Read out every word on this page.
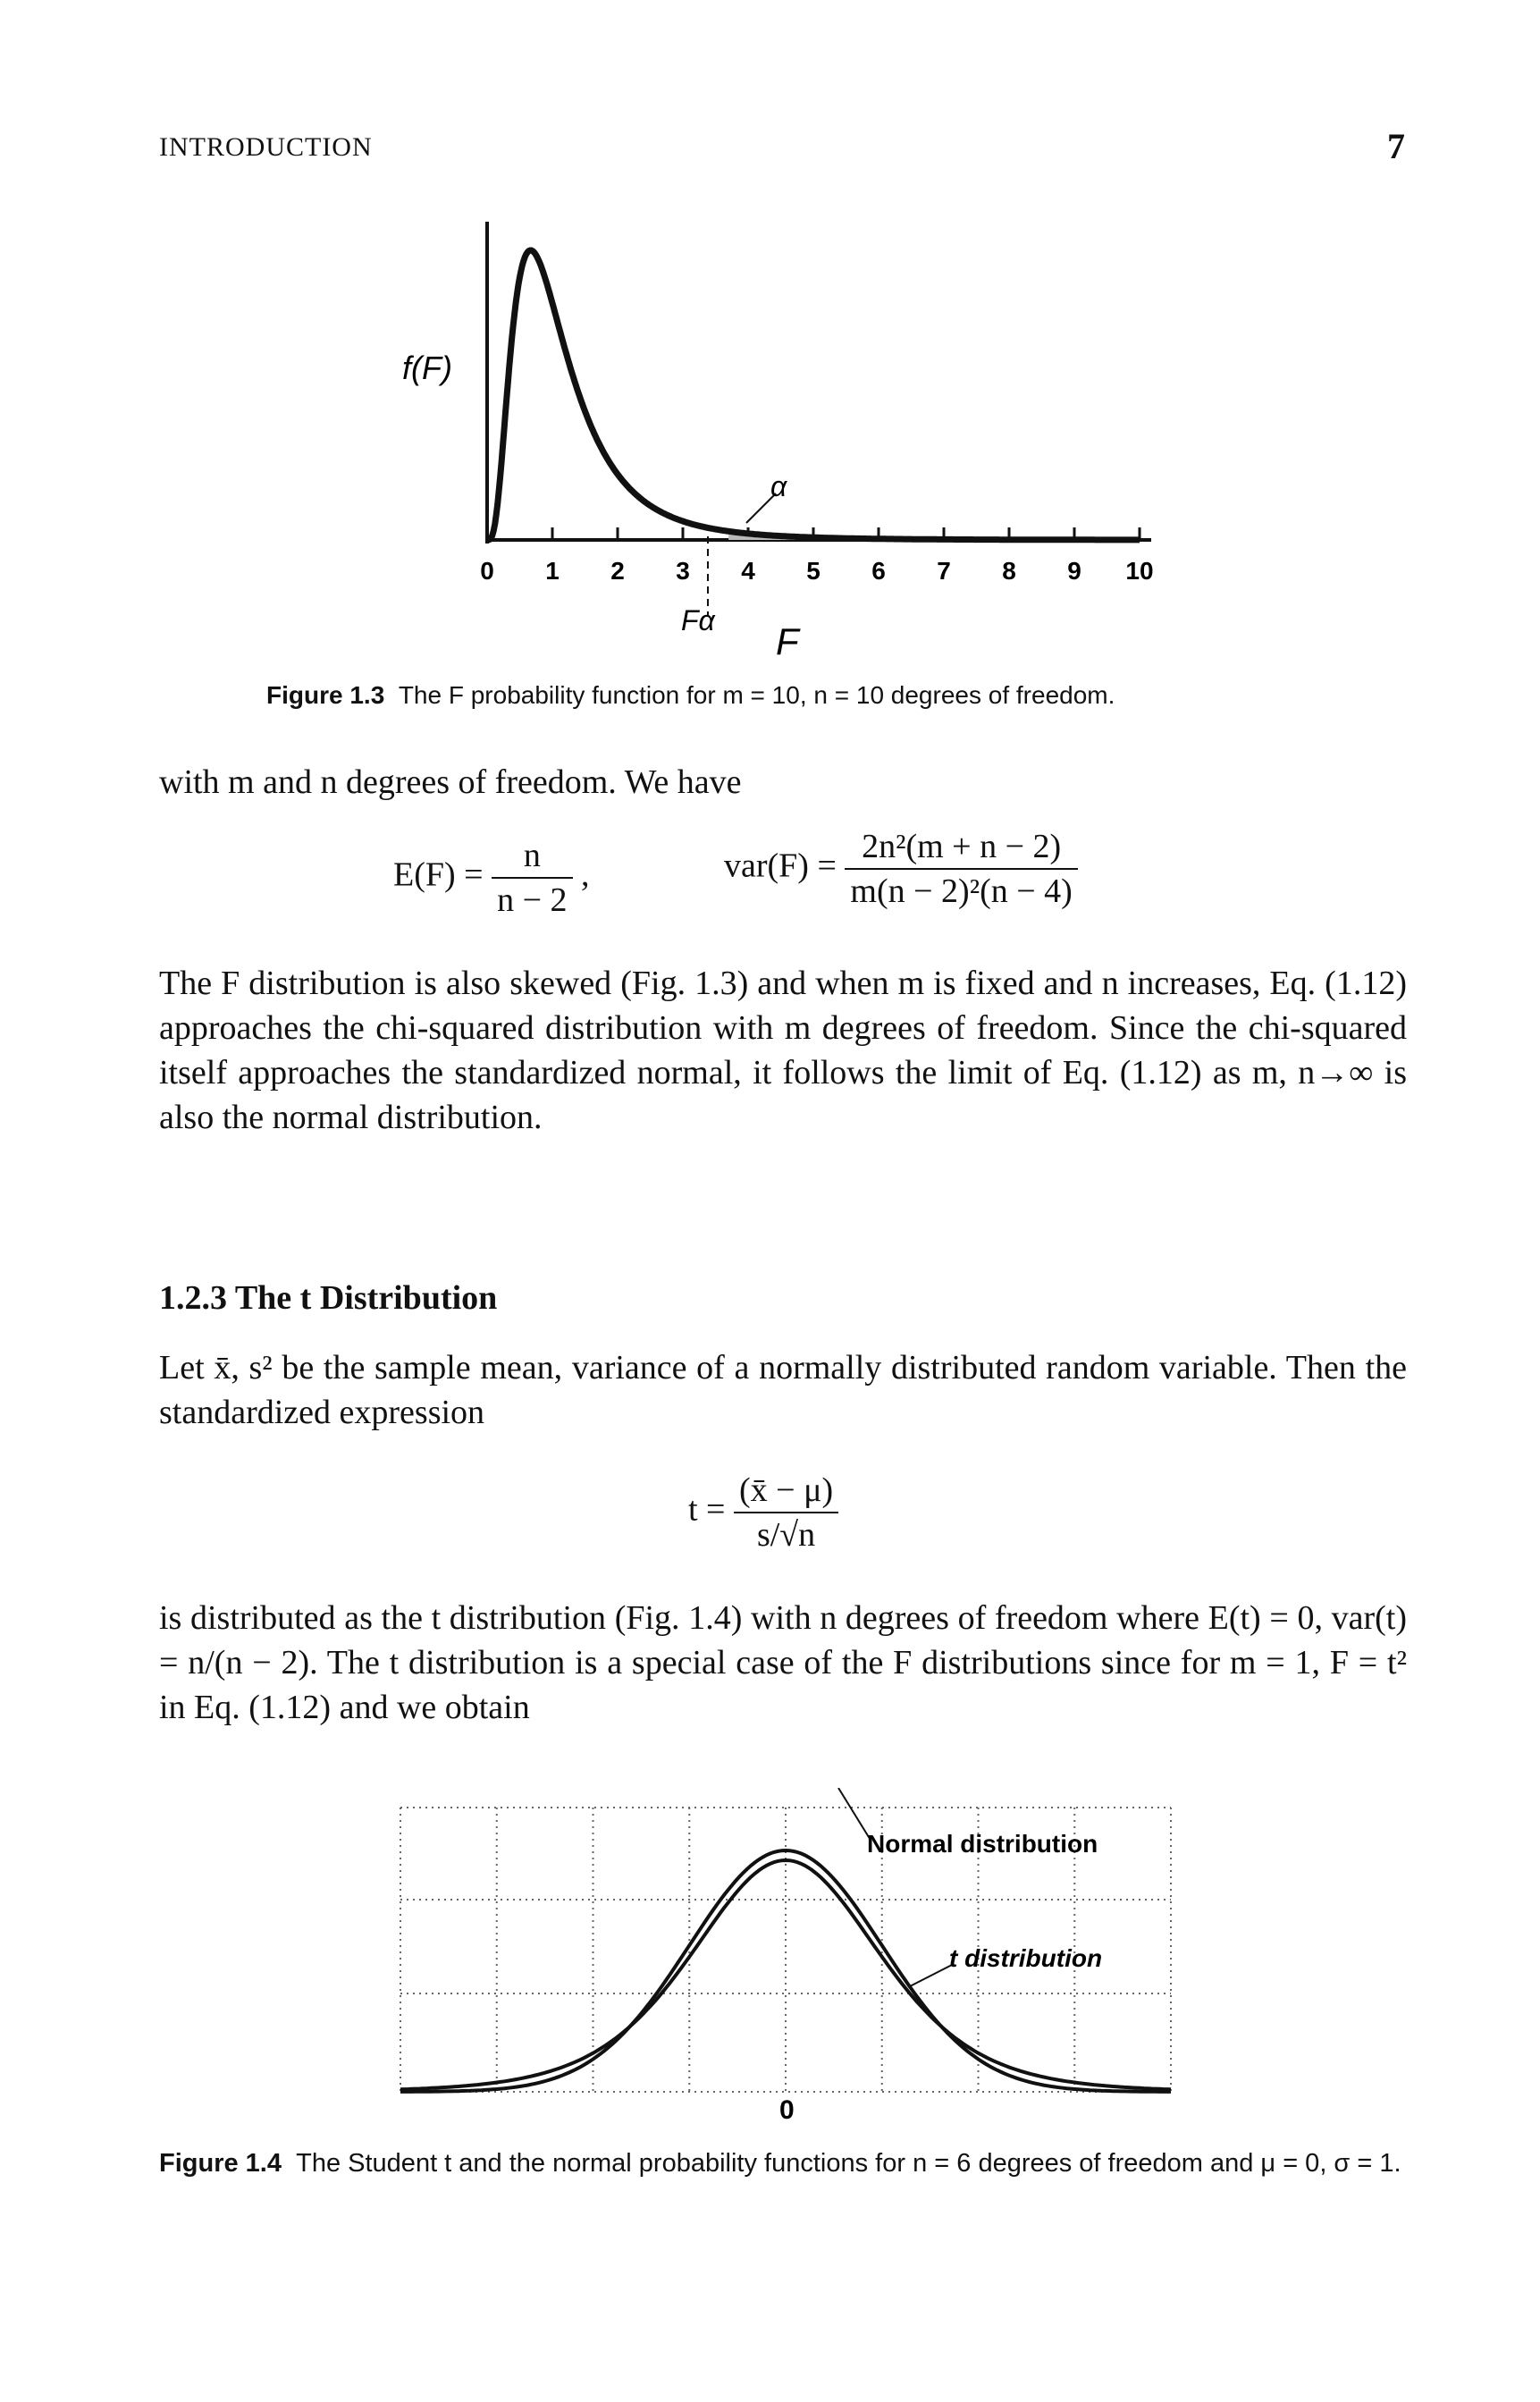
INTRODUCTION	7
0 1 2 3 4 5 6 7 8 9 10
f(F)
α
Fα F
Figure 1.3 The F probability function for m = 10, n = 10 degrees of freedom.
with m and n degrees of freedom. We have
$E(F) = \frac{n}{n - 2}$ ,	$var(F) = \frac{\text{2n²(m + n − 2)}}{\text{m(n − 2)²(n − 4)}}$
The F distribution is also skewed (Fig. 1.3) and when m is fixed and n increases, Eq. (1.12) approaches the chi-squared distribution with m degrees of freedom. Since the chi-squared itself approaches the standardized normal, it follows the limit of Eq. (1.12) as m, n→∞ is also the normal distribution.
1.2.3 The t Distribution
Let x̄, s² be the sample mean, variance of a normally distributed random variable. Then the standardized expression
$t = \frac{(x̄ - \mu)}{s/√n}$
is distributed as the t distribution (Fig. 1.4) with n degrees of freedom where E(t) = 0, var(t) = n/(n − 2). The t distribution is a special case of the F distributions since for m = 1, F = t² in Eq. (1.12) and we obtain
Normal distribution
t distribution
0
Figure 1.4 The Student t and the normal probability functions for n = 6 degrees of freedom and μ = 0, σ = 1.
